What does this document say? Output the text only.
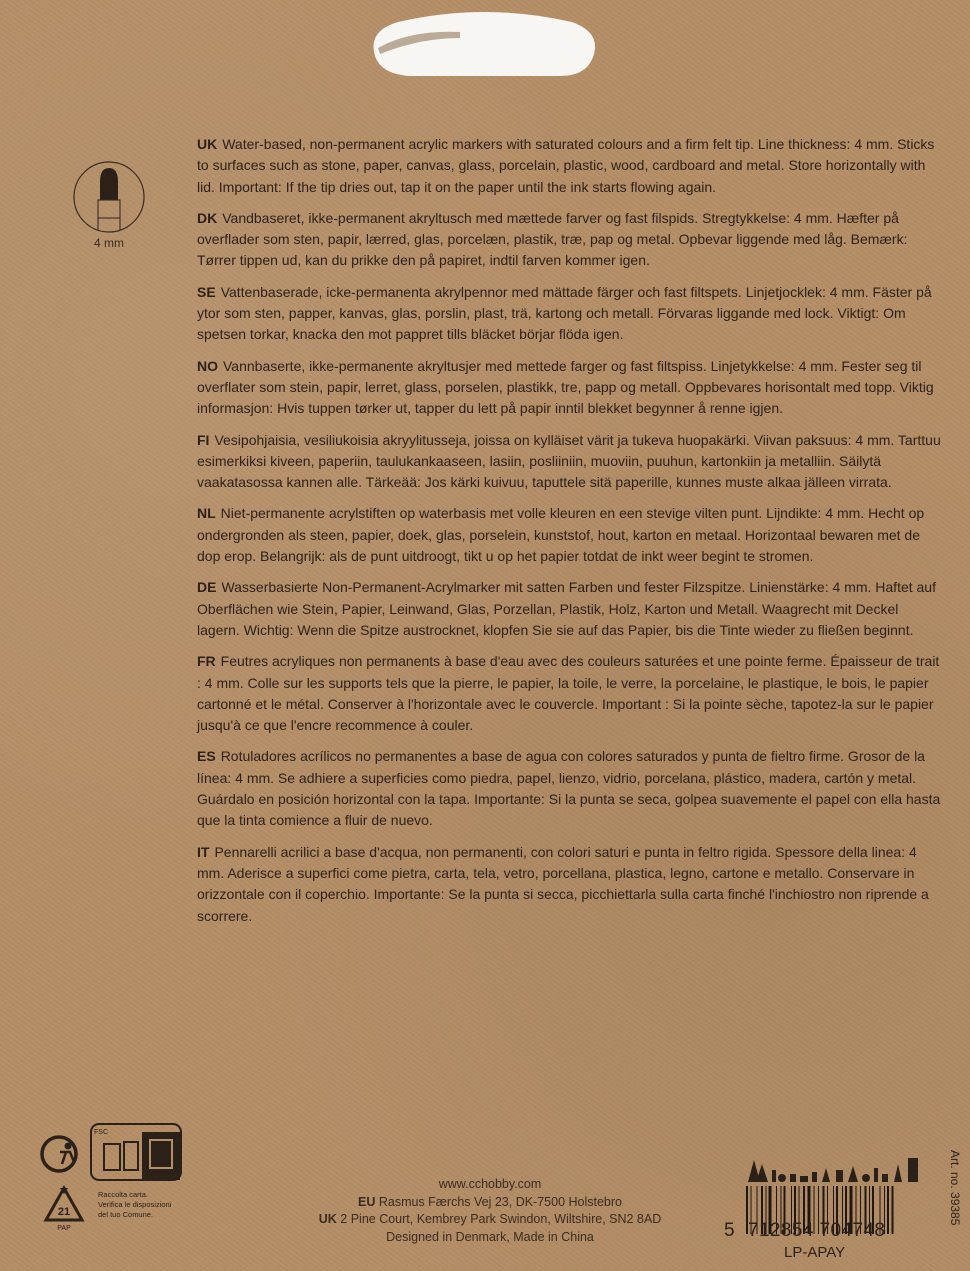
4 mm

UK Water-based, non-permanent acrylic markers with saturated colours and a firm felt tip. Line thickness: 4 mm. Sticks to surfaces such as stone, paper, canvas, glass, porcelain, plastic, wood, cardboard and metal. Store horizontally with lid. Important: If the tip dries out, tap it on the paper until the ink starts flowing again.

DK Vandbaseret, ikke-permanent akryltusch med mættede farver og fast filspids. Stregtykkelse: 4 mm. Hæfter på overflader som sten, papir, lærred, glas, porcelæn, plastik, træ, pap og metal. Opbevar liggende med låg. Bemærk: Tørrer tippen ud, kan du prikke den på papiret, indtil farven kommer igen.

SE Vattenbaserade, icke-permanenta akrylpennor med mättade färger och fast filtspets. Linjetjocklek: 4 mm. Fäster på ytor som sten, papper, kanvas, glas, porslin, plast, trä, kartong och metall. Förvaras liggande med lock. Viktigt: Om spetsen torkar, knacka den mot pappret tills bläcket börjar flöda igen.

NO Vannbaserte, ikke-permanente akryltusjer med mettede farger og fast filtspiss. Linjetykkelse: 4 mm. Fester seg til overflater som stein, papir, lerret, glass, porselen, plastikk, tre, papp og metall. Oppbevares horisontalt med topp. Viktig informasjon: Hvis tuppen tørker ut, tapper du lett på papir inntil blekket begynner å renne igjen.

FI Vesipohjaisia, vesiliukoisia akryylitusseja, joissa on kylläiset värit ja tukeva huopakärki. Viivan paksuus: 4 mm. Tarttuu esimerkiksi kiveen, paperiin, taulukankaaseen, lasiin, posliiniin, muoviin, puuhun, kartonkiin ja metalliin. Säilytä vaakatasossa kannen alle. Tärkeää: Jos kärki kuivuu, taputtele sitä paperille, kunnes muste alkaa jälleen virrata.

NL Niet-permanente acrylstiften op waterbasis met volle kleuren en een stevige vilten punt. Lijndikte: 4 mm. Hecht op ondergronden als steen, papier, doek, glas, porselein, kunststof, hout, karton en metaal. Horizontaal bewaren met de dop erop. Belangrijk: als de punt uitdroogt, tikt u op het papier totdat de inkt weer begint te stromen.

DE Wasserbasierte Non-Permanent-Acrylmarker mit satten Farben und fester Filzspitze. Linienstärke: 4 mm. Haftet auf Oberflächen wie Stein, Papier, Leinwand, Glas, Porzellan, Plastik, Holz, Karton und Metall. Waagrecht mit Deckel lagern. Wichtig: Wenn die Spitze austrocknet, klopfen Sie sie auf das Papier, bis die Tinte wieder zu fließen beginnt.

FR Feutres acryliques non permanents à base d'eau avec des couleurs saturées et une pointe ferme. Épaisseur de trait : 4 mm. Colle sur les supports tels que la pierre, le papier, la toile, le verre, la porcelaine, le plastique, le bois, le papier cartonné et le métal. Conserver à l'horizontale avec le couvercle. Important : Si la pointe sèche, tapotez-la sur le papier jusqu'à ce que l'encre recommence à couler.

ES Rotuladores acrílicos no permanentes a base de agua con colores saturados y punta de fieltro firme. Grosor de la línea: 4 mm. Se adhiere a superficies como piedra, papel, lienzo, vidrio, porcelana, plástico, madera, cartón y metal. Guárdalo en posición horizontal con la tapa. Importante: Si la punta se seca, golpea suavemente el papel con ella hasta que la tinta comience a fluir de nuevo.

IT Pennarelli acrilici a base d'acqua, non permanenti, con colori saturi e punta in feltro rigida. Spessore della linea: 4 mm. Aderisce a superfici come pietra, carta, tela, vetro, porcellana, plastica, legno, cartone e metallo. Conservare in orizzontale con il coperchio. Importante: Se la punta si secca, picchiettarla sulla carta finché l'inchiostro non riprende a scorrere.

FSC
21
PAP
Raccolta carta.
Verifica le disposizioni
del tuo Comune.
www.cchobby.com
EU Rasmus Færchs Vej 23, DK-7500 Holstebro
UK 2 Pine Court, Kembrey Park Swindon, Wiltshire, SN2 8AD
Designed in Denmark, Made in China	5 712854 704748
LP-APAY
Art. no. 39385
